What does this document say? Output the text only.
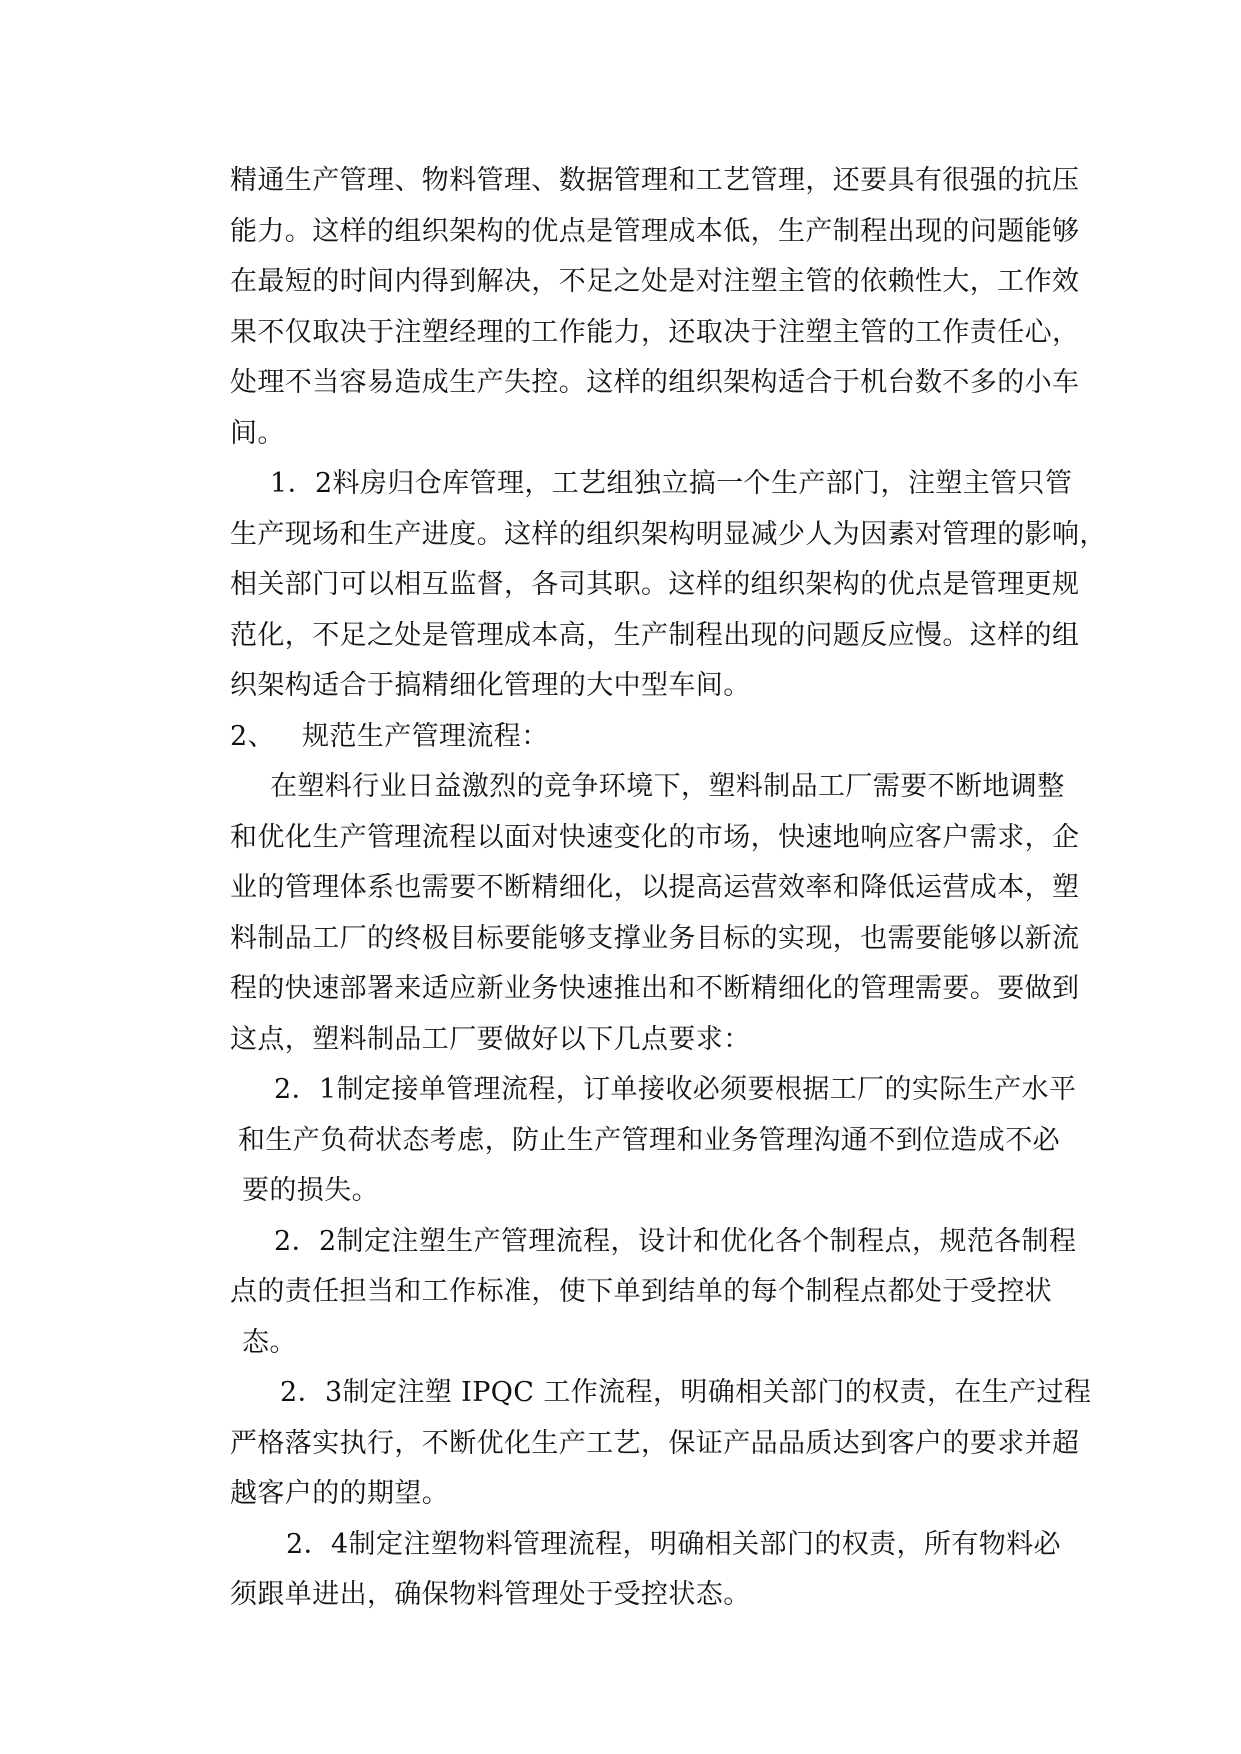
精通生产管理、物料管理、数据管理和工艺管理，还要具有很强的抗压
能力。这样的组织架构的优点是管理成本低，生产制程出现的问题能够
在最短的时间内得到解决，不足之处是对注塑主管的依赖性大，工作效
果不仅取决于注塑经理的工作能力，还取决于注塑主管的工作责任心，
处理不当容易造成生产失控。这样的组织架构适合于机台数不多的小车
间。
1．2料房归仓库管理，工艺组独立搞一个生产部门，注塑主管只管
生产现场和生产进度。这样的组织架构明显减少人为因素对管理的影响，
相关部门可以相互监督，各司其职。这样的组织架构的优点是管理更规
范化，不足之处是管理成本高，生产制程出现的问题反应慢。这样的组
织架构适合于搞精细化管理的大中型车间。
2、 规范生产管理流程：
在塑料行业日益激烈的竞争环境下，塑料制品工厂需要不断地调整
和优化生产管理流程以面对快速变化的市场，快速地响应客户需求，企
业的管理体系也需要不断精细化，以提高运营效率和降低运营成本，塑
料制品工厂的终极目标要能够支撑业务目标的实现，也需要能够以新流
程的快速部署来适应新业务快速推出和不断精细化的管理需要。要做到
这点，塑料制品工厂要做好以下几点要求：
2．1制定接单管理流程，订单接收必须要根据工厂的实际生产水平
和生产负荷状态考虑，防止生产管理和业务管理沟通不到位造成不必
要的损失。
2．2制定注塑生产管理流程，设计和优化各个制程点，规范各制程
点的责任担当和工作标准，使下单到结单的每个制程点都处于受控状
态。
2．3制定注塑 IPQC 工作流程，明确相关部门的权责，在生产过程
严格落实执行，不断优化生产工艺，保证产品品质达到客户的要求并超
越客户的的期望。
2．4制定注塑物料管理流程，明确相关部门的权责，所有物料必
须跟单进出，确保物料管理处于受控状态。
